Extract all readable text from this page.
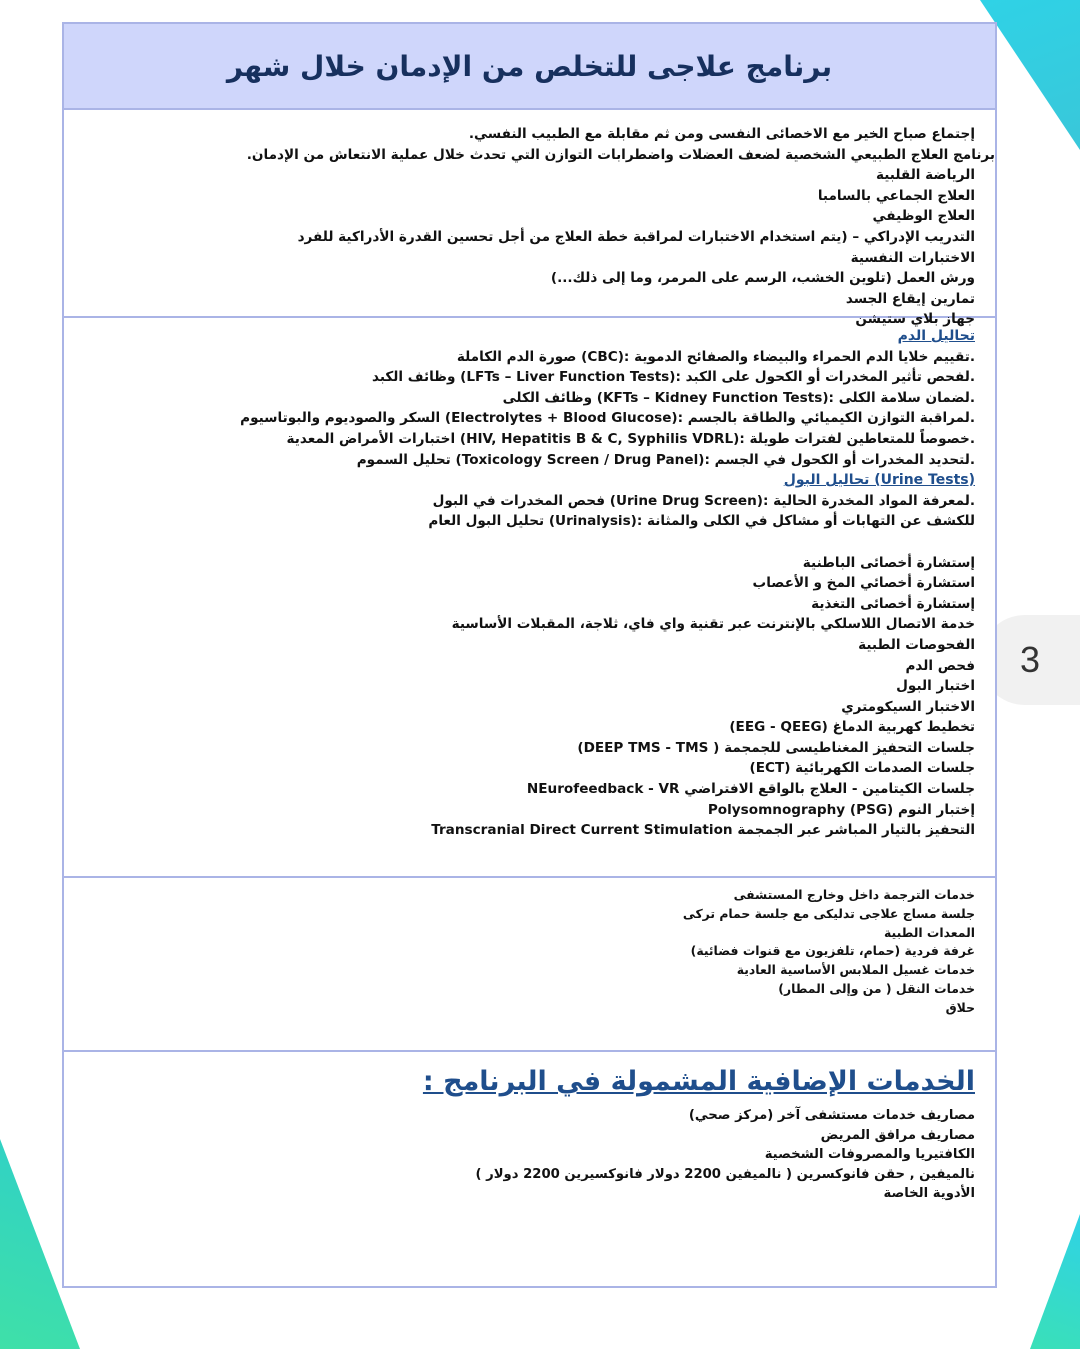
3
برنامج علاجى للتخلص من الإدمان خلال شهر
إجتماع صباح الخير مع الاخصائى النفسى ومن ثم مقابلة مع الطبيب النفسي.
برنامج العلاج الطبيعي الشخصية لضعف العضلات واضطرابات التوازن التي تحدث خلال عملية الانتعاش من الإدمان.
الرياضة القلبية
العلاج الجماعي بالسامبا
العلاج الوظيفي
التدريب الإدراكي – (يتم استخدام الاختبارات لمراقبة خطة العلاج من أجل تحسين القدرة الأدراكية للفرد
الاختبارات النفسية
ورش العمل (تلوين الخشب، الرسم على المرمر، وما إلى ذلك...)
تمارين إيقاع الجسد
جهاز بلاي ستيشن
تحاليل الدم
.تقييم خلايا الدم الحمراء والبيضاء والصفائح الدموية :(CBC) صورة الدم الكاملة
.لفحص تأثير المخدرات أو الكحول على الكبد :(LFTs – Liver Function Tests) وظائف الكبد
.لضمان سلامة الكلى :(KFTs – Kidney Function Tests) وظائف الكلى
.لمراقبة التوازن الكيميائي والطاقة بالجسم :(Electrolytes + Blood Glucose) السكر والصوديوم والبوتاسيوم
.خصوصاً للمتعاطين لفترات طويلة :(HIV, Hepatitis B & C, Syphilis VDRL) اختبارات الأمراض المعدية
.لتحديد المخدرات أو الكحول في الجسم :(Toxicology Screen / Drug Panel) تحليل السموم
(Urine Tests) تحاليل البول
.لمعرفة المواد المخدرة الحالية :(Urine Drug Screen) فحص المخدرات في البول
للكشف عن التهابات أو مشاكل في الكلى والمثانة :(Urinalysis) تحليل البول العام
إستشارة أخصائى الباطنية
استشارة أخصائي المخ و الأعصاب
إستشارة أخصائى التغذية
خدمة الاتصال اللاسلكي بالإنترنت عبر تقنية واي فاي، ثلاجة، المقبلات الأساسية
الفحوصات الطبية
فحص الدم
اختبار البول
الاختبار السيكومتري
تخطيط كهربية الدماغ (EEG - QEEG)
جلسات التحفيز المغناطيسى للجمجمة ( DEEP TMS - TMS)
جلسات الصدمات الكهربائية (ECT)
جلسات الكيتامين - العلاج بالواقع الافتراضي NEurofeedback - VR
إختبار النوم (PSG) Polysomnography
التحفيز بالتيار المباشر عبر الجمجمة Transcranial Direct Current Stimulation
خدمات الترجمة داخل وخارج المستشفى
جلسة مساج علاجى تدليكى مع جلسة حمام تركى
المعدات الطبية
غرفة فردية (حمام، تلفزيون مع قنوات فضائية)
خدمات غسيل الملابس الأساسية العادية
خدمات النقل ( من وإلى المطار)
حلاق
الخدمات الإضافية المشمولة في البرنامج :
مصاريف خدمات مستشفى آخر (مركز صحي)
مصاريف مرافق المريض
الكافتيريا والمصروفات الشخصية
نالميفين , حقن فانوكسرين ( نالميفين 2200 دولار فانوكسيرين 2200 دولار )
الأدوية الخاصة
